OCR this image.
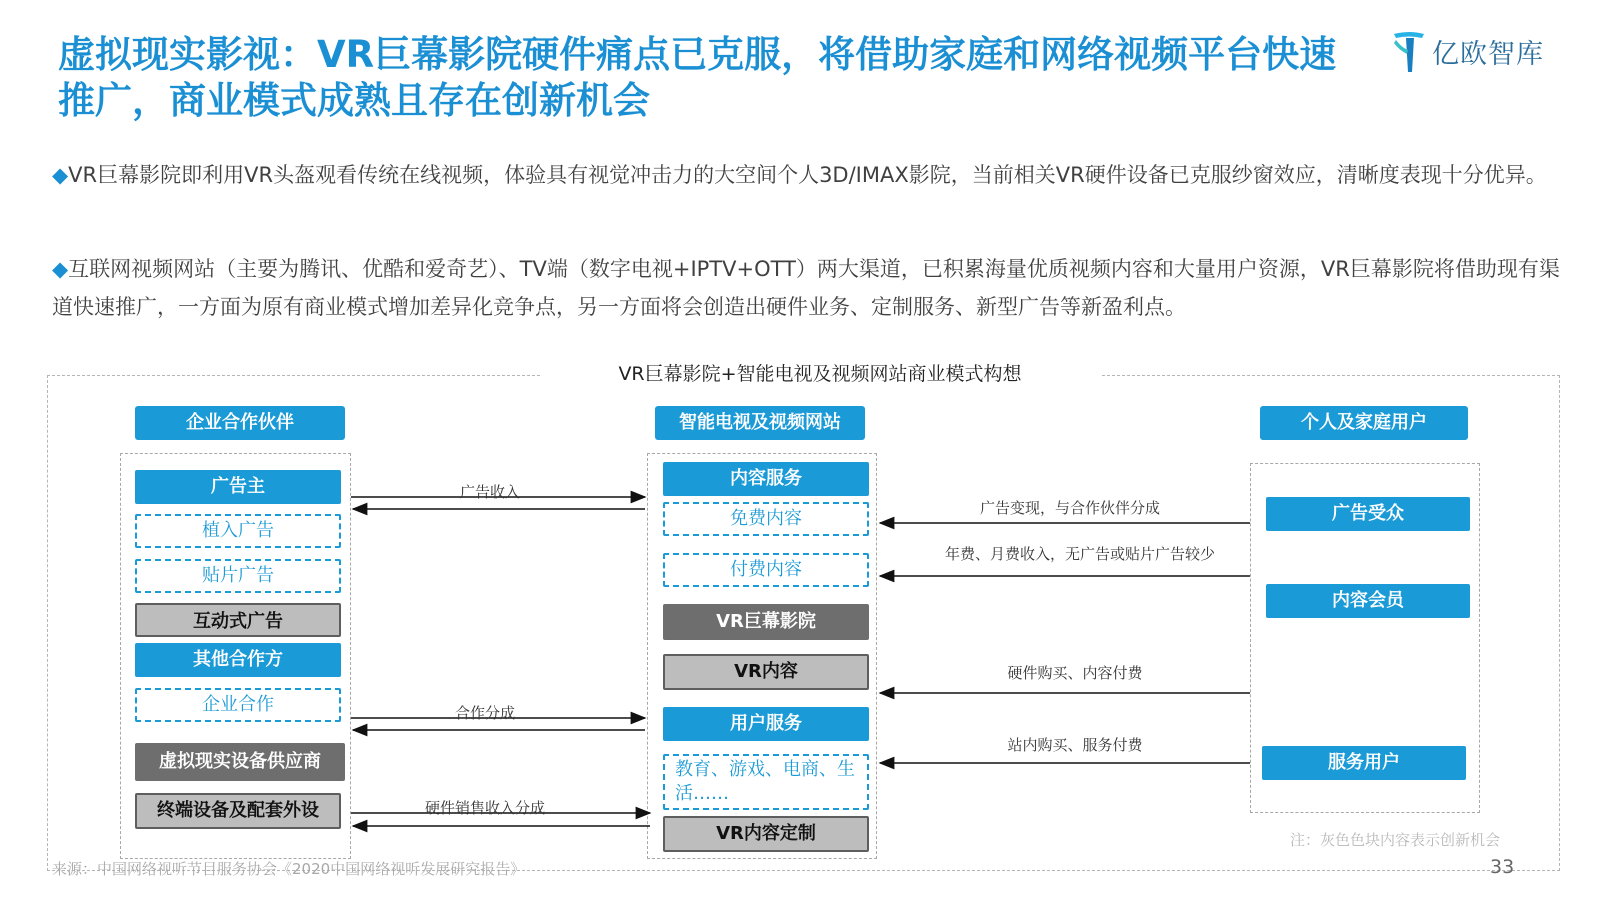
虚拟现实影视：VR巨幕影院硬件痛点已克服，将借助家庭和网络视频平台快速推广，商业模式成熟且存在创新机会
亿欧智库
◆VR巨幕影院即利用VR头盔观看传统在线视频，体验具有视觉冲击力的大空间个人3D/IMAX影院，当前相关VR硬件设备已克服纱窗效应，清晰度表现十分优异。
◆互联网视频网站（主要为腾讯、优酷和爱奇艺）、TV端（数字电视+IPTV+OTT）两大渠道，已积累海量优质视频内容和大量用户资源，VR巨幕影院将借助现有渠道快速推广，一方面为原有商业模式增加差异化竞争点，另一方面将会创造出硬件业务、定制服务、新型广告等新盈利点。
VR巨幕影院+智能电视及视频网站商业模式构想
企业合作伙伴	智能电视及视频网站	个人及家庭用户
广告主
植入广告
贴片广告
互动式广告
其他合作方
企业合作
虚拟现实设备供应商
终端设备及配套外设
内容服务
免费内容
付费内容
VR巨幕影院
VR内容
用户服务
教育、游戏、电商、生活……
VR内容定制
广告受众
内容会员
服务用户
广告收入
合作分成
硬件销售收入分成
广告变现，与合作伙伴分成
年费、月费收入，无广告或贴片广告较少
硬件购买、内容付费
站内购买、服务付费
注：灰色色块内容表示创新机会
来源：中国网络视听节目服务协会《2020中国网络视听发展研究报告》	33
